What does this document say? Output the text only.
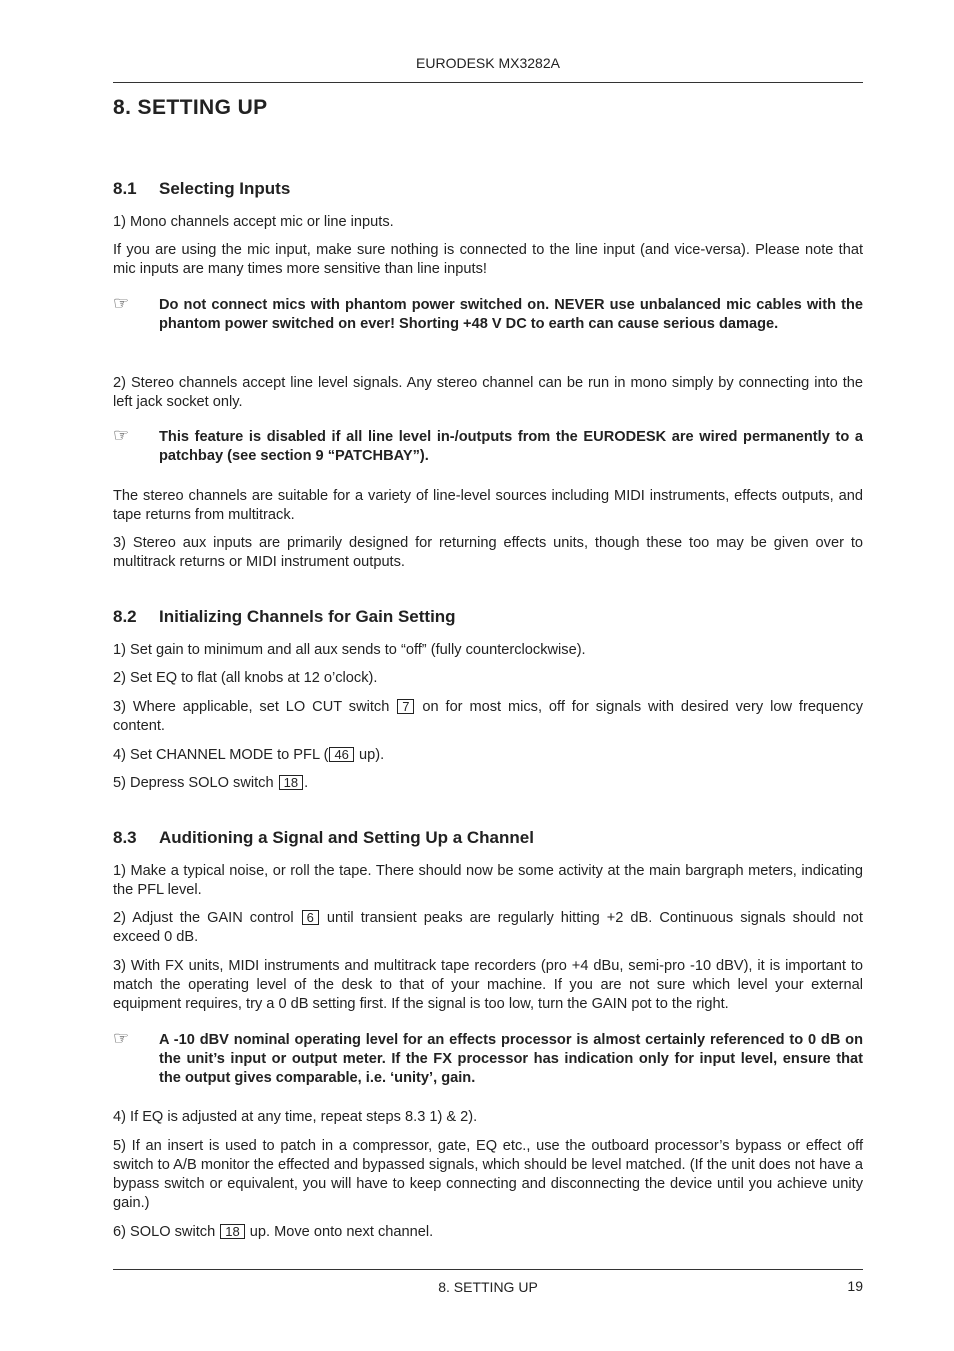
EURODESK MX3282A
8. SETTING UP
8.1 Selecting Inputs
1) Mono channels accept mic or line inputs.
If you are using the mic input, make sure nothing is connected to the line input (and vice-versa). Please note that mic inputs are many times more sensitive than line inputs!
☞ Do not connect mics with phantom power switched on. NEVER use unbalanced mic cables with the phantom power switched on ever! Shorting +48 V DC to earth can cause serious damage.
2) Stereo channels accept line level signals. Any stereo channel can be run in mono simply by connecting into the left jack socket only.
☞ This feature is disabled if all line level in-/outputs from the EURODESK are wired permanently to a patchbay (see section 9 “PATCHBAY”).
The stereo channels are suitable for a variety of line-level sources including MIDI instruments, effects outputs, and tape returns from multitrack.
3) Stereo aux inputs are primarily designed for returning effects units, though these too may be given over to multitrack returns or MIDI instrument outputs.
8.2 Initializing Channels for Gain Setting
1) Set gain to minimum and all aux sends to “off” (fully counterclockwise).
2) Set EQ to flat (all knobs at 12 o’clock).
3) Where applicable, set LO CUT switch 7 on for most mics, off for signals with desired very low frequency content.
4) Set CHANNEL MODE to PFL ( 46 up).
5) Depress SOLO switch 18 .
8.3 Auditioning a Signal and Setting Up a Channel
1) Make a typical noise, or roll the tape. There should now be some activity at the main bargraph meters, indicating the PFL level.
2) Adjust the GAIN control 6 until transient peaks are regularly hitting +2 dB. Continuous signals should not exceed 0 dB.
3) With FX units, MIDI instruments and multitrack tape recorders (pro +4 dBu, semi-pro -10 dBV), it is important to match the operating level of the desk to that of your machine. If you are not sure which level your external equipment requires, try a 0 dB setting first. If the signal is too low, turn the GAIN pot to the right.
☞ A -10 dBV nominal operating level for an effects processor is almost certainly referenced to 0 dB on the unit’s input or output meter. If the FX processor has indication only for input level, ensure that the output gives comparable, i.e. ‘unity’, gain.
4) If EQ is adjusted at any time, repeat steps 8.3 1) & 2).
5) If an insert is used to patch in a compressor, gate, EQ etc., use the outboard processor’s bypass or effect off switch to A/B monitor the effected and bypassed signals, which should be level matched. (If the unit does not have a bypass switch or equivalent, you will have to keep connecting and disconnecting the device until you achieve unity gain.)
6) SOLO switch 18 up. Move onto next channel.
8. SETTING UP	19
